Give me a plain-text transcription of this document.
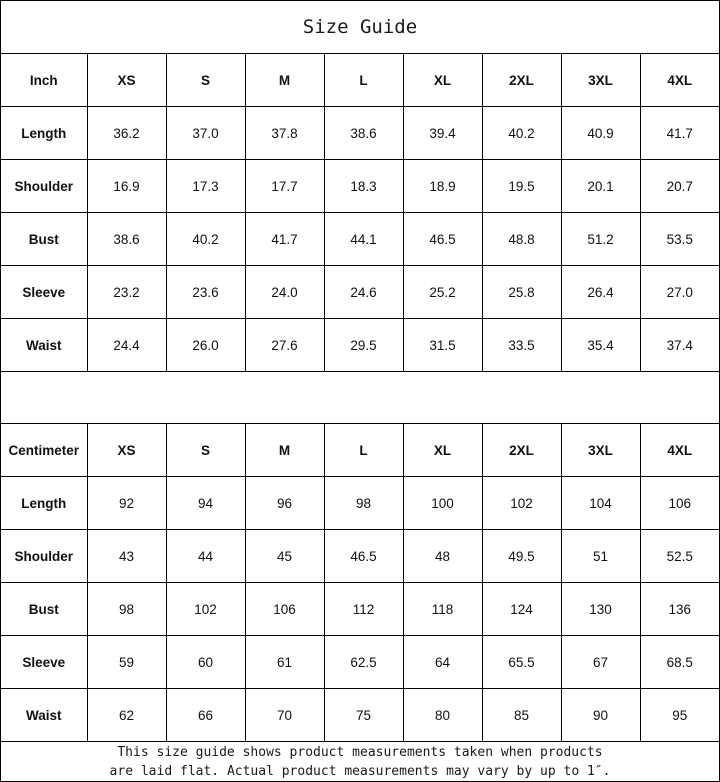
Size Guide
Inch	XS	S	M	L	XL	2XL	3XL	4XL
Length	36.2	37.0	37.8	38.6	39.4	40.2	40.9	41.7
Shoulder	16.9	17.3	17.7	18.3	18.9	19.5	20.1	20.7
Bust	38.6	40.2	41.7	44.1	46.5	48.8	51.2	53.5
Sleeve	23.2	23.6	24.0	24.6	25.2	25.8	26.4	27.0
Waist	24.4	26.0	27.6	29.5	31.5	33.5	35.4	37.4
Centimeter	XS	S	M	L	XL	2XL	3XL	4XL
Length	92	94	96	98	100	102	104	106
Shoulder	43	44	45	46.5	48	49.5	51	52.5
Bust	98	102	106	112	118	124	130	136
Sleeve	59	60	61	62.5	64	65.5	67	68.5
Waist	62	66	70	75	80	85	90	95
This size guide shows product measurements taken when products
are laid flat. Actual product measurements may vary by up to 1″.
